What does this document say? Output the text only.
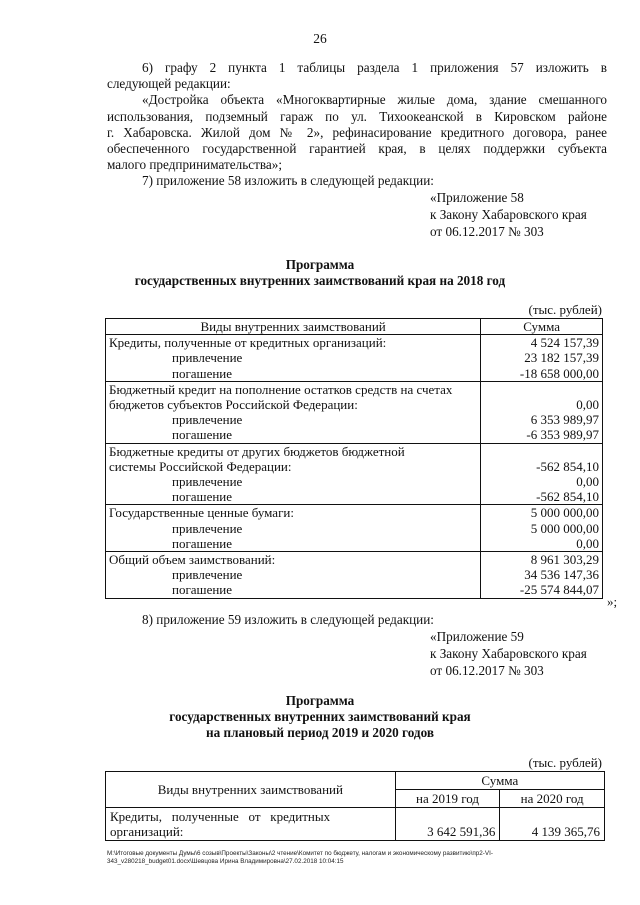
26
6) графу 2 пункта 1 таблицы раздела 1 приложения 57 изложить в
следующей редакции:
«Достройка объекта «Многоквартирные жилые дома, здание смешанного
использования, подземный гараж по ул. Тихоокеанской в Кировском районе
г. Хабаровска. Жилой дом № 2», рефинасирование кредитного договора, ранее
обеспеченного государственной гарантией края, в целях поддержки субъекта
малого предпринимательства»;
7) приложение 58 изложить в следующей редакции:
«Приложение 58
к Закону Хабаровского края
от 06.12.2017 № 303
Программа
государственных внутренних заимствований края на 2018 год
(тыс. рублей)
Виды внутренних заимствований	Сумма
Кредиты, полученные от кредитных организаций:	4 524 157,39
привлечение	23 182 157,39
погашение	-18 658 000,00
Бюджетный кредит на пополнение остатков средств на счетах	
бюджетов субъектов Российской Федерации:	0,00
привлечение	6 353 989,97
погашение	-6 353 989,97
Бюджетные кредиты от других бюджетов бюджетной	
системы Российской Федерации:	-562 854,10
привлечение	0,00
погашение	-562 854,10
Государственные ценные бумаги:	5 000 000,00
привлечение	5 000 000,00
погашение	0,00
Общий объем заимствований:	8 961 303,29
привлечение	34 536 147,36
погашение	-25 574 844,07
»;
8) приложение 59 изложить в следующей редакции:
«Приложение 59
к Закону Хабаровского края
от 06.12.2017 № 303
Программа
государственных внутренних заимствований края
на плановый период 2019 и 2020 годов
(тыс. рублей)
Виды внутренних заимствований	Сумма	
	на 2019 год	на 2020 год

Кредиты,   полученные   от   кредитных
организаций:	3 642 591,36	4 139 365,76
M:\Итоговые документы Думы\6 созыв\Проекты\Законы\2 чтение\Комитет по бюджету, налогам и экономическому развитию\пр2-VI-
343_v280218_budget01.docx\Шевцова Ирина Владимировна\27.02.2018 10:04:15
